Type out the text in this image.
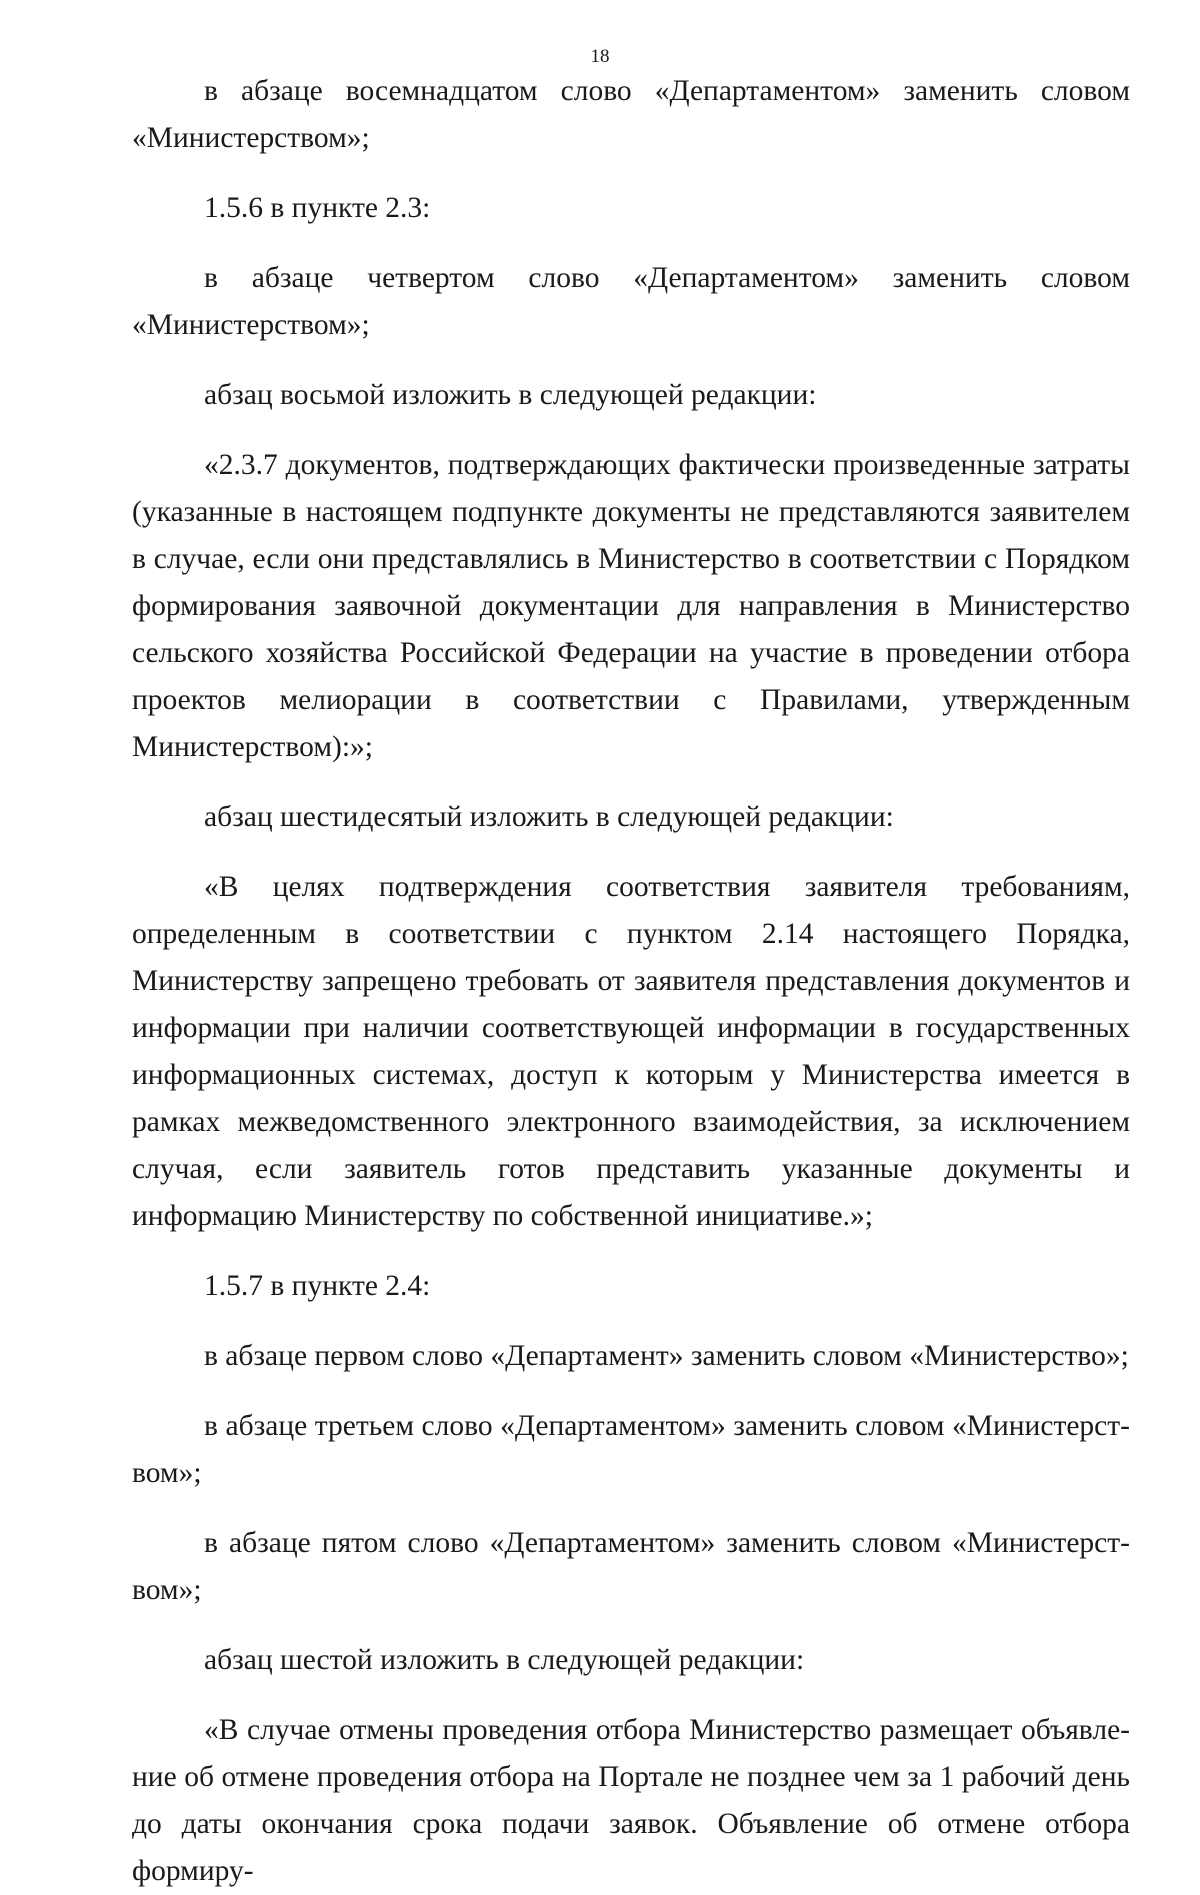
18

в абзаце восемнадцатом слово «Департаментом» заменить словом «Министерством»;

1.5.6 в пункте 2.3:

в абзаце четвертом слово «Департаментом» заменить словом «Министерством»;

абзац восьмой изложить в следующей редакции:

«2.3.7 документов, подтверждающих фактически произведенные затраты (указанные в настоящем подпункте документы не представляются заявителем в случае, если они представлялись в Министерство в соответствии с Порядком формирования заявочной документации для направления в Министерство сельского хозяйства Российской Федерации на участие в проведении отбора проектов мелиорации в соответствии с Правилами, утвержденным Министерством):»;

абзац шестидесятый изложить в следующей редакции:

«В целях подтверждения соответствия заявителя требованиям, определенным в соответствии с пунктом 2.14 настоящего Порядка, Министерству запрещено требовать от заявителя представления документов и информации при наличии соответствующей информации в государственных информационных системах, доступ к которым у Министерства имеется в рамках межведомственного электронного взаимодействия, за исключением случая, если заявитель готов представить указанные документы и информацию Министерству по собственной инициативе.»;

1.5.7 в пункте 2.4:

в абзаце первом слово «Департамент» заменить словом «Министерство»;

в абзаце третьем слово «Департаментом» заменить словом «Министерством»;

в абзаце пятом слово «Департаментом» заменить словом «Министерством»;

абзац шестой изложить в следующей редакции:

«В случае отмены проведения отбора Министерство размещает объявление об отмене проведения отбора на Портале не позднее чем за 1 рабочий день до даты окончания срока подачи заявок. Объявление об отмене отбора формиру-
